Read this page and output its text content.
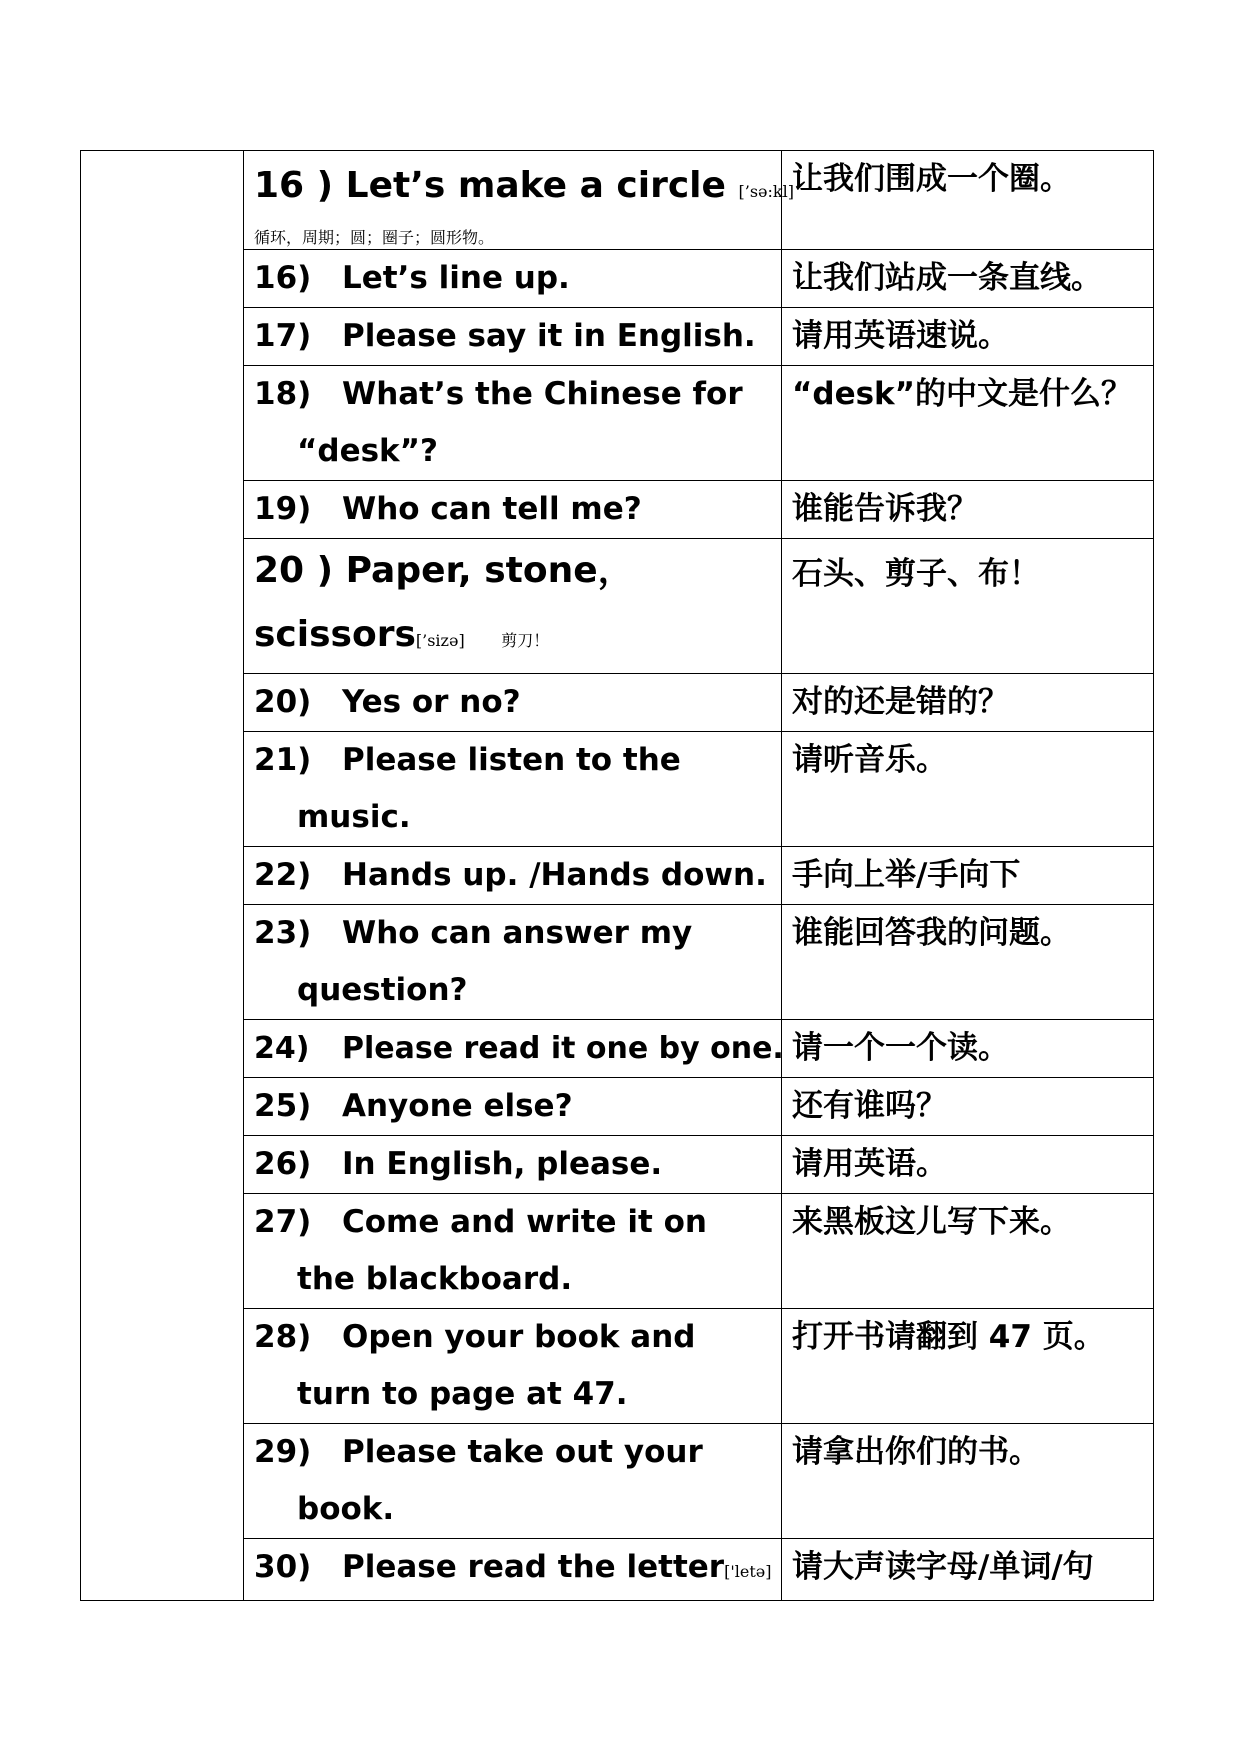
	16 ) Let’s make a circle [’sə:kl]
循环，周期；圆；圈子；圆形物。	让我们围成一个圈。

	16) Let’s line up.	让我们站成一条直线。

	17) Please say it in English.	请用英语速说。

	18) What’s the Chinese for “desk”?	“desk”的中文是什么？

	19) Who can tell me?	谁能告诉我？

	20 ) Paper, stone，
scissors[’sizə] 剪刀！	石头、剪子、布！

	20) Yes or no?	对的还是错的？

	21) Please listen to the music.	请听音乐。

	22) Hands up. /Hands down.	手向上举/手向下

	23) Who can answer my question?	谁能回答我的问题。

	24) Please read it one by one.	请一个一个读。

	25) Anyone else?	还有谁吗？

	26) In English, please.	请用英语。

	27) Come and write it on the blackboard.	来黑板这儿写下来。

	28) Open your book and turn to page at 47.	打开书请翻到 47 页。

	29) Please take out your book.	请拿出你们的书。

	30) Please read the letter['letə]	请大声读字母/单词/句
